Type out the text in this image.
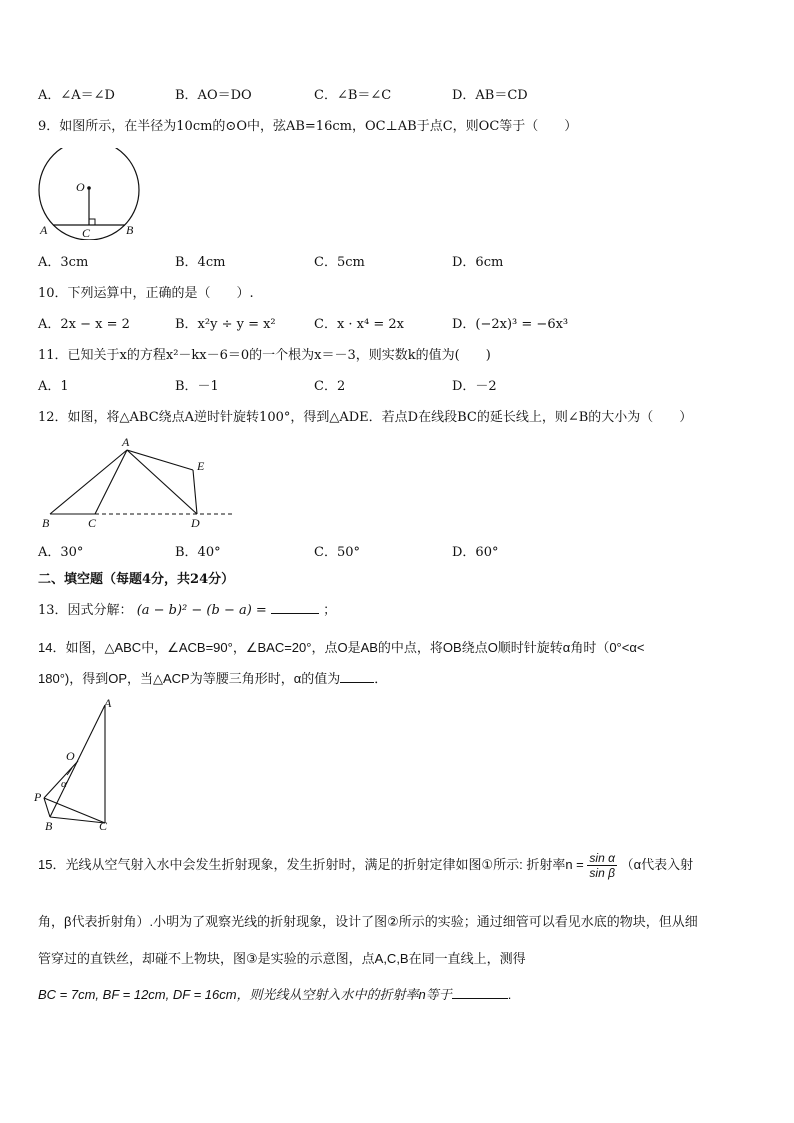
A．∠A＝∠D	B．AO＝DO	C．∠B＝∠C	D．AB＝CD
9．如图所示，在半径为10cm的⊙O中，弦AB=16cm，OC⊥AB于点C，则OC等于（　　）
O
A	C	B
A．3cm	B．4cm	C．5cm	D．6cm
10．下列运算中，正确的是（　　）.
A．2x − x = 2	B．x²y ÷ y = x²	C．x · x⁴ = 2x	D．(−2x)³ = −6x³
11．已知关于x的方程x²－kx－6＝0的一个根为x＝－3，则实数k的值为(　　)
A．1	B．－1	C．2	D．－2
12．如图，将△ABC绕点A逆时针旋转100°，得到△ADE．若点D在线段BC的延长线上，则∠B的大小为（　　）
A
B	C	D
E
A．30°	B．40°	C．50°	D．60°
二、填空题（每题4分，共24分）
13．因式分解： (a − b)² − (b − a) =	；
14．如图，△ABC中，∠ACB=90°，∠BAC=20°，点O是AB的中点，将OB绕点O顺时针旋转α角时（0°<α<
180°)，得到OP，当△ACP为等腰三角形时，α的值为	．
A
O
α
P
B	C
15．光线从空气射入水中会发生折射现象，发生折射时，满足的折射定律如图①所示: 折射率$n = \frac{\text{sin α}}{\text{sin β}} (\alpha$代表入射
角，β代表折射角）.小明为了观察光线的折射现象，设计了图②所示的实验；通过细管可以看见水底的物块，但从细
管穿过的直铁丝，却碰不上物块，图③是实验的示意图，点A,C,B在同一直线上，测得
BC = 7cm, BF = 12cm, DF = 16cm，则光线从空射入水中的折射率n等于	.
